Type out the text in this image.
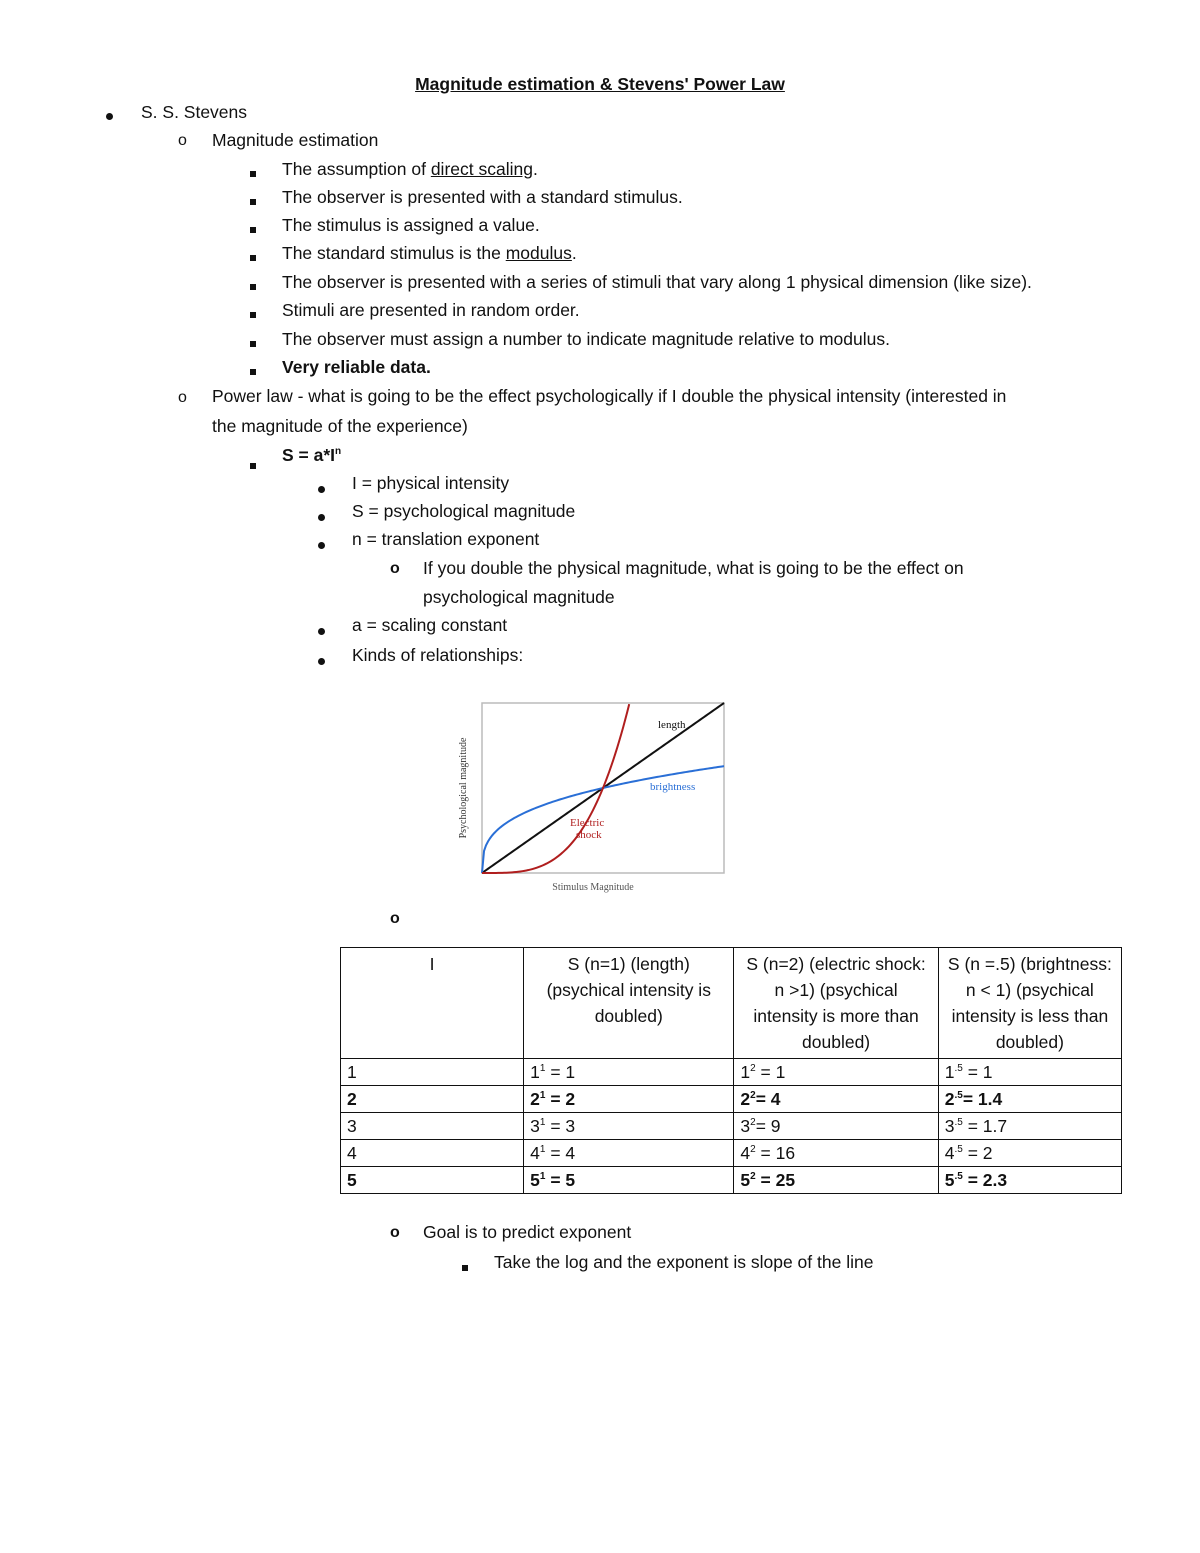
Magnitude estimation & Stevens' Power Law
S. S. Stevens
o Magnitude estimation
The assumption of direct scaling.
The observer is presented with a standard stimulus.
The stimulus is assigned a value.
The standard stimulus is the modulus.
The observer is presented with a series of stimuli that vary along 1 physical dimension (like size).
Stimuli are presented in random order.
The observer must assign a number to indicate magnitude relative to modulus.
Very reliable data.
o Power law - what is going to be the effect psychologically if I double the physical intensity (interested in
the magnitude of the experience)
$S = a*I^n$
I = physical intensity
S = psychological magnitude
n = translation exponent
o If you double the physical magnitude, what is going to be the effect on
psychological magnitude
a = scaling constant
Kinds of relationships:
length
brightness
Electric shock
Stimulus Magnitude
Psychological magnitude
o
I	S (n=1) (length) (psychical intensity is doubled)	S (n=2) (electric shock: n >1) (psychical intensity is more than doubled)	S (n =.5) (brightness: n < 1) (psychical intensity is less than doubled)
1	$1^1 = 1$	$1^2 = 1$	$1^{.5} = 1$
2	$2^1 = 2$	$2^2= 4$	$2^{.5}= 1.4$
3	$3^1 = 3$	$3^2= 9$	$3^{.5} = 1.7$
4	$4^1 = 4$	$4^2 = 16$	$4^{.5} = 2$
5	$5^1 = 5$	$5^2 = 25$	$5^{.5} = 2.3$
o Goal is to predict exponent
Take the log and the exponent is slope of the line
